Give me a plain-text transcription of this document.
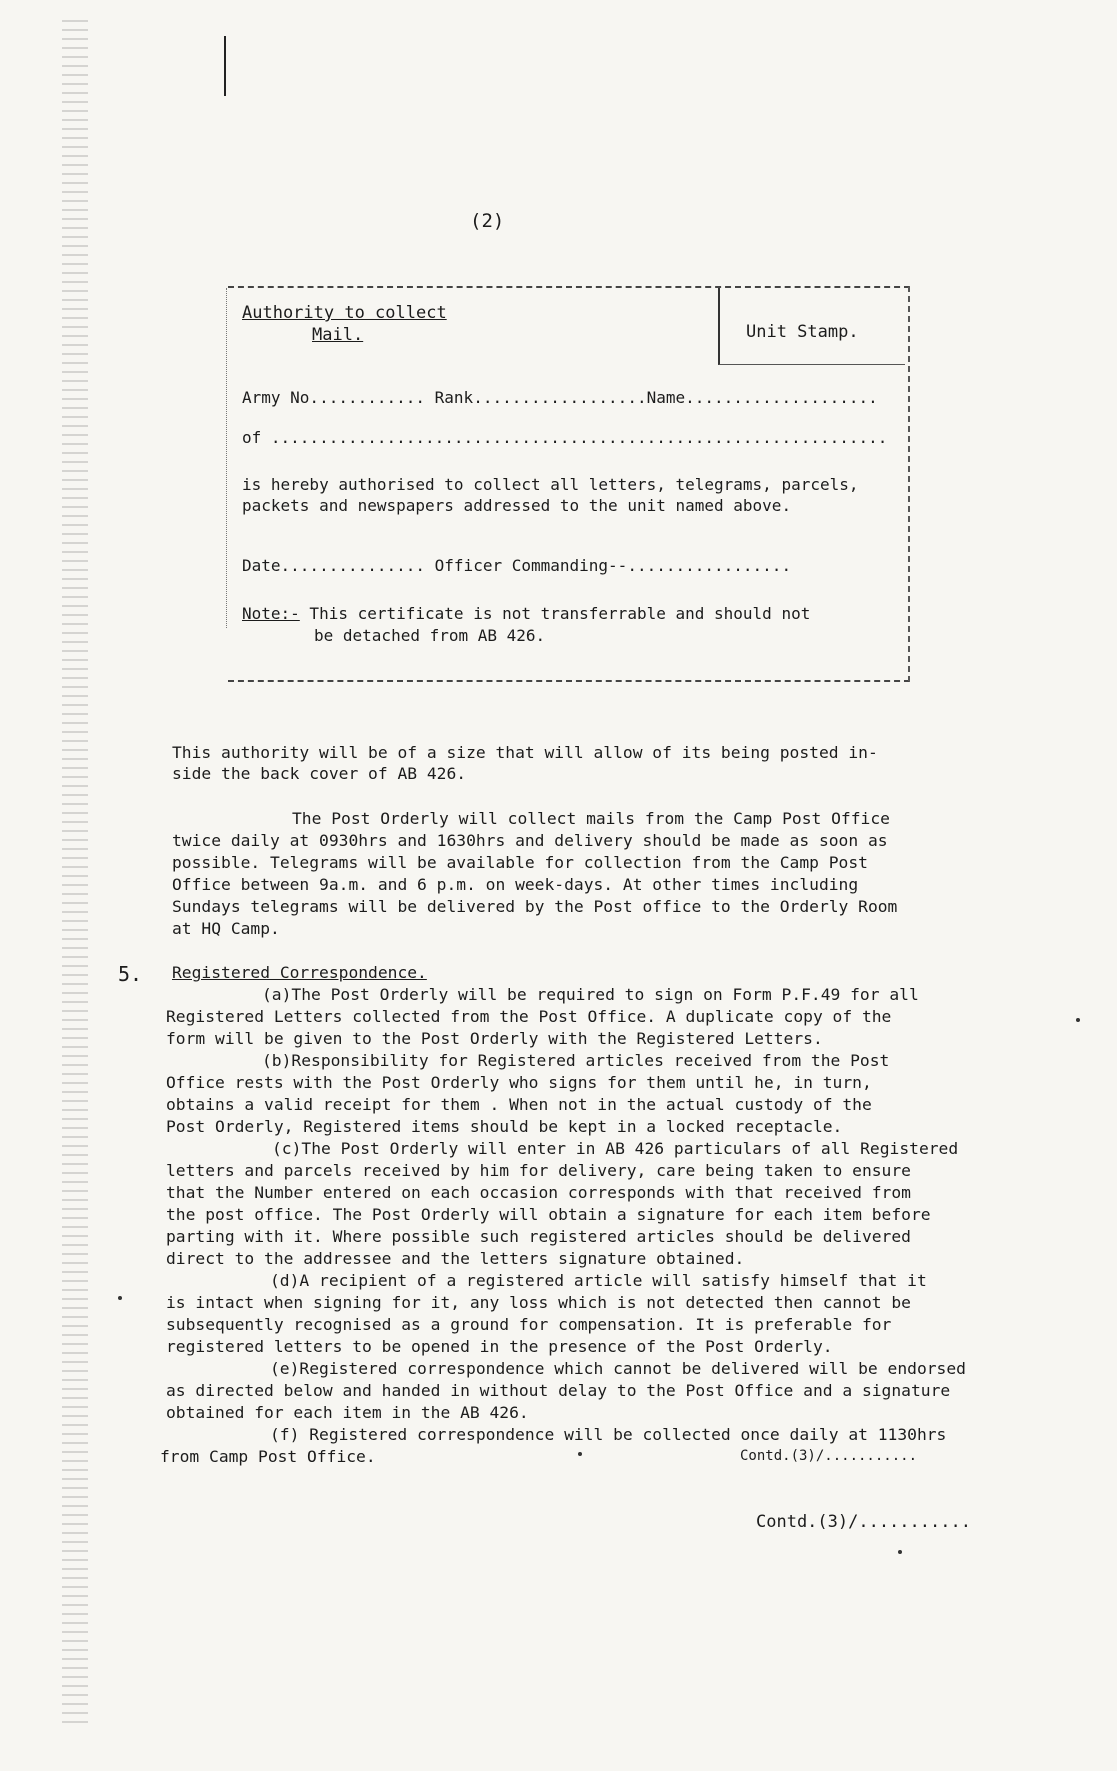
(2)
Authority to collect
Mail.	Unit Stamp.
Army No............ Rank..................Name....................
of ................................................................
is hereby authorised to collect all letters, telegrams, parcels, packets and newspapers addressed to the unit named above.
Date............... Officer Commanding--.................
Note:- This certificate is not transferrable and should not
be detached from AB 426.
This authority will be of a size that will allow of its being posted in-
side the back cover of AB 426.
The Post Orderly will collect mails from the Camp Post Office
twice daily at 0930hrs and 1630hrs and delivery should be made as soon as
possible. Telegrams will be available for collection from the Camp Post
Office between 9a.m. and 6 p.m. on week-days. At other times including
Sundays telegrams will be delivered by the Post office to the Orderly Room
at HQ Camp.
5. Registered Correspondence.
(a)The Post Orderly will be required to sign on Form P.F.49 for all
Registered Letters collected from the Post Office. A duplicate copy of the
form will be given to the Post Orderly with the Registered Letters.
(b)Responsibility for Registered articles received from the Post
Office rests with the Post Orderly who signs for them until he, in turn,
obtains a valid receipt for them . When not in the actual custody of the
Post Orderly, Registered items should be kept in a locked receptacle.
(c)The Post Orderly will enter in AB 426 particulars of all Registered
letters and parcels received by him for delivery, care being taken to ensure
that the Number entered on each occasion corresponds with that received from
the post office. The Post Orderly will obtain a signature for each item before
parting with it. Where possible such registered articles should be delivered
direct to the addressee and the letters signature obtained.
(d)A recipient of a registered article will satisfy himself that it
is intact when signing for it, any loss which is not detected then cannot be
subsequently recognised as a ground for compensation. It is preferable for
registered letters to be opened in the presence of the Post Orderly.
(e)Registered correspondence which cannot be delivered will be endorsed
as directed below and handed in without delay to the Post Office and a signature
obtained for each item in the AB 426.
(f) Registered correspondence will be collected once daily at 1130hrs
from Camp Post Office.	Contd.(3)/...........
Contd.(3)/...........
